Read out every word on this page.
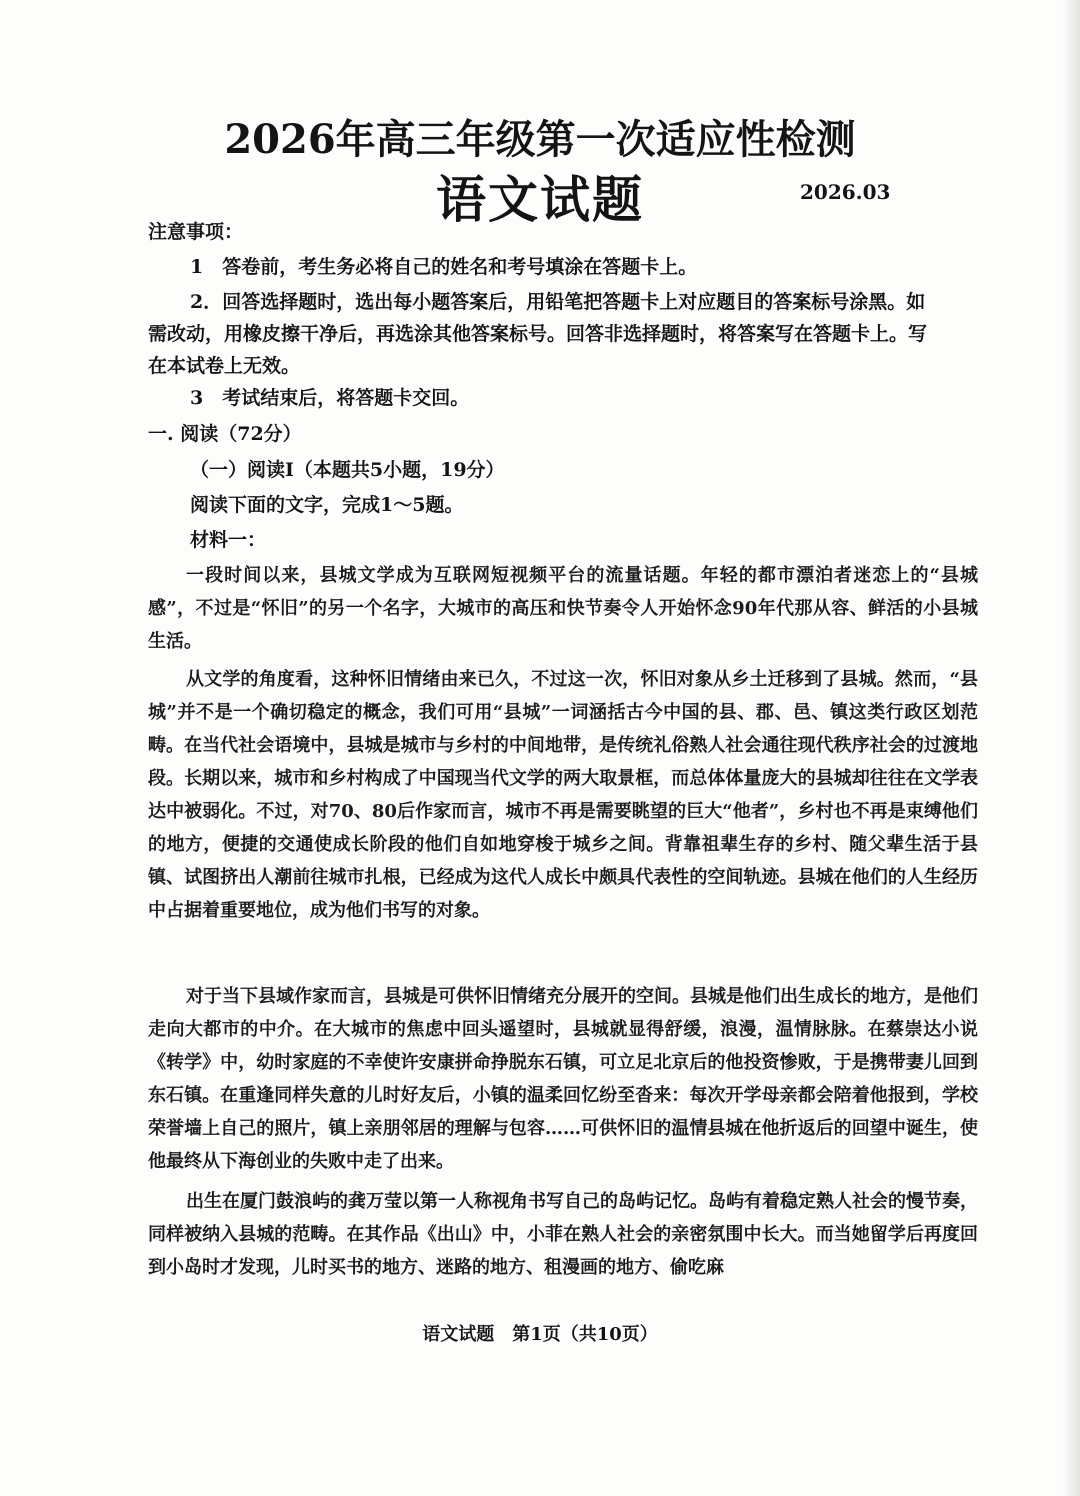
2026年高三年级第一次适应性检测
语文试题	2026.03
注意事项：
1　答卷前，考生务必将自己的姓名和考号填涂在答题卡上。
2．回答选择题时，选出每小题答案后，用铅笔把答题卡上对应题目的答案标号涂黑。如
需改动，用橡皮擦干净后，再选涂其他答案标号。回答非选择题时，将答案写在答题卡上。写
在本试卷上无效。
3　考试结束后，将答题卡交回。
一. 阅读（72分）
（一）阅读I（本题共5小题，19分）
阅读下面的文字，完成1～5题。
材料一：
一段时间以来，县城文学成为互联网短视频平台的流量话题。年轻的都市漂泊者迷恋上的“县城感”，不过是“怀旧”的另一个名字，大城市的高压和快节奏令人开始怀念90年代那从容、鲜活的小县城生活。
从文学的角度看，这种怀旧情绪由来已久，不过这一次，怀旧对象从乡土迁移到了县城。然而，“县城”并不是一个确切稳定的概念，我们可用“县城”一词涵括古今中国的县、郡、邑、镇这类行政区划范畴。在当代社会语境中，县城是城市与乡村的中间地带，是传统礼俗熟人社会通往现代秩序社会的过渡地段。长期以来，城市和乡村构成了中国现当代文学的两大取景框，而总体体量庞大的县城却往往在文学表达中被弱化。不过，对70、80后作家而言，城市不再是需要眺望的巨大“他者”，乡村也不再是束缚他们的地方，便捷的交通使成长阶段的他们自如地穿梭于城乡之间。背靠祖辈生存的乡村、随父辈生活于县镇、试图挤出人潮前往城市扎根，已经成为这代人成长中颇具代表性的空间轨迹。县城在他们的人生经历中占据着重要地位，成为他们书写的对象。
对于当下县域作家而言，县城是可供怀旧情绪充分展开的空间。县城是他们出生成长的地方，是他们走向大都市的中介。在大城市的焦虑中回头遥望时，县城就显得舒缓，浪漫，温情脉脉。在蔡崇达小说《转学》中，幼时家庭的不幸使许安康拼命挣脱东石镇，可立足北京后的他投资惨败，于是携带妻儿回到东石镇。在重逢同样失意的儿时好友后，小镇的温柔回忆纷至沓来：每次开学母亲都会陪着他报到，学校荣誉墙上自己的照片，镇上亲朋邻居的理解与包容……可供怀旧的温情县城在他折返后的回望中诞生，使他最终从下海创业的失败中走了出来。
出生在厦门鼓浪屿的龚万莹以第一人称视角书写自己的岛屿记忆。岛屿有着稳定熟人社会的慢节奏，同样被纳入县城的范畴。在其作品《出山》中，小菲在熟人社会的亲密氛围中长大。而当她留学后再度回到小岛时才发现，儿时买书的地方、迷路的地方、租漫画的地方、偷吃麻
语文试题　第1页（共10页）
